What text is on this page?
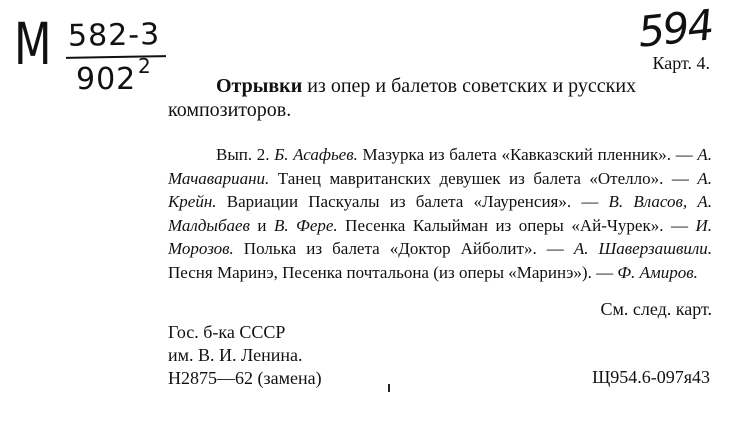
М 582-3
902 2
594
Карт. 4.
Отрывки из опер и балетов советских и русских композиторов.
Вып. 2. Б. Асафьев. Мазурка из балета «Кавказский пленник». — А. Мачавариани. Танец мавританских девушек из балета «Отелло». — А. Крейн. Вариации Паскуалы из балета «Лауренсия». — В. Власов, А. Малдыбаев и В. Фере. Песенка Калыйман из оперы «Ай-Чурек». — И. Морозов. Полька из балета «Доктор Айболит». — А. Шаверзашвили. Песня Маринэ, Песенка почтальона (из оперы «Маринэ»). — Ф. Амиров.
См. след. карт.
Гос. б-ка СССР
им. В. И. Ленина.
Н2875—62 (замена)	Щ954.6-097я43
